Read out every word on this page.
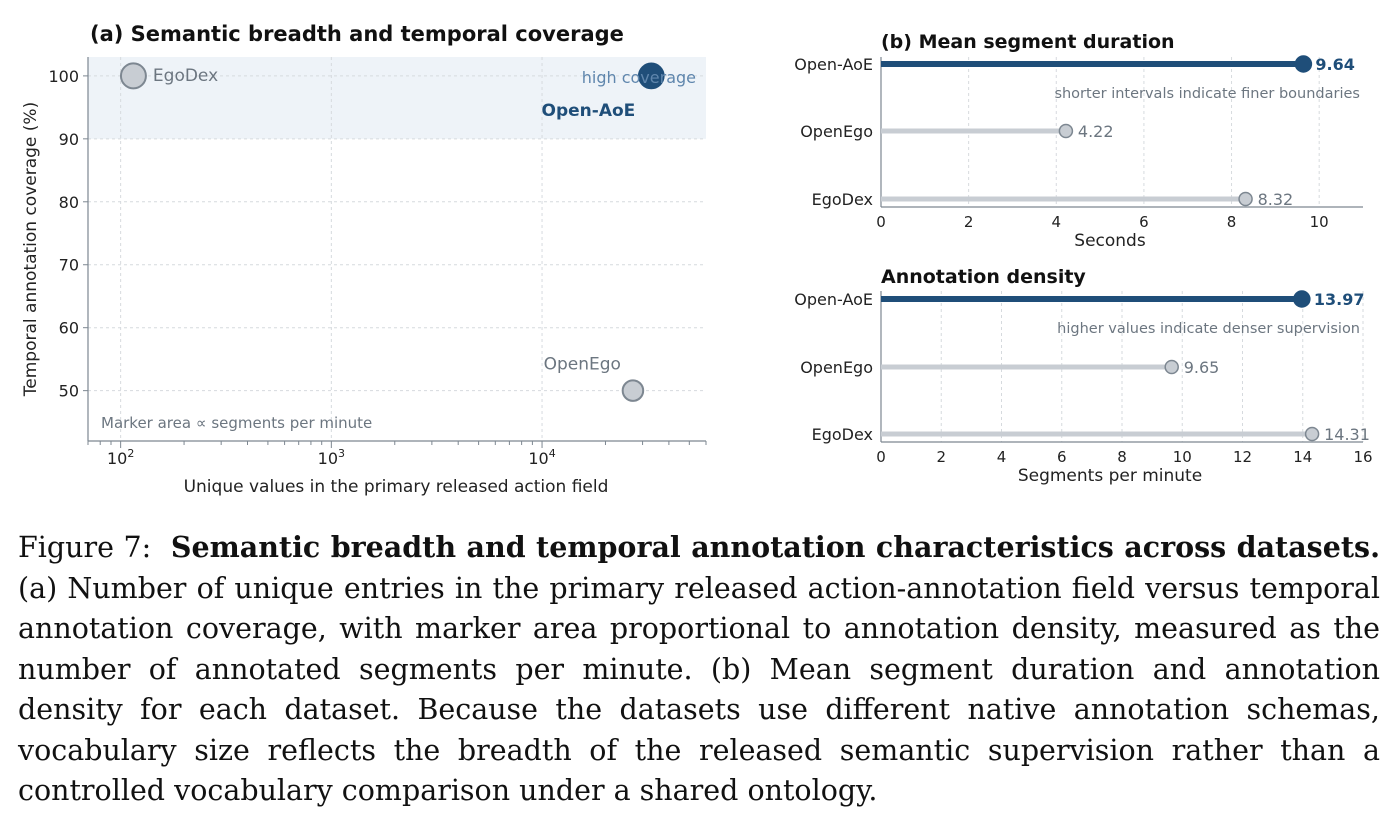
50
60
70
80
90
100
$10^2$	$10^3$	$10^4$
(a) Semantic breadth and temporal coverage
Unique values in the primary released action field
Temporal annotation coverage (%)
Marker area ∝ segments per minute
EgoDex
OpenEgo
Open-AoE
high coverage
0	2	4	6	8	10
(b) Mean segment duration
Seconds
shorter intervals indicate finer boundaries
Open-AoE	9.64
OpenEgo	4.22
EgoDex	8.32
0	2	4	6	8	10	12	14	16
Annotation density
Segments per minute
higher values indicate denser supervision
Open-AoE	13.97
OpenEgo	9.65
EgoDex	14.31
Figure 7: Semantic breadth and temporal annotation characteristics across datasets. (a) Number of unique entries in the primary released action-annotation field versus temporal annotation coverage, with marker area proportional to annotation density, measured as the number of annotated segments per minute. (b) Mean segment duration and annotation density for each dataset. Because the datasets use different native annotation schemas, vocabulary size reflects the breadth of the released semantic supervision rather than a controlled vocabulary comparison under a shared ontology.
